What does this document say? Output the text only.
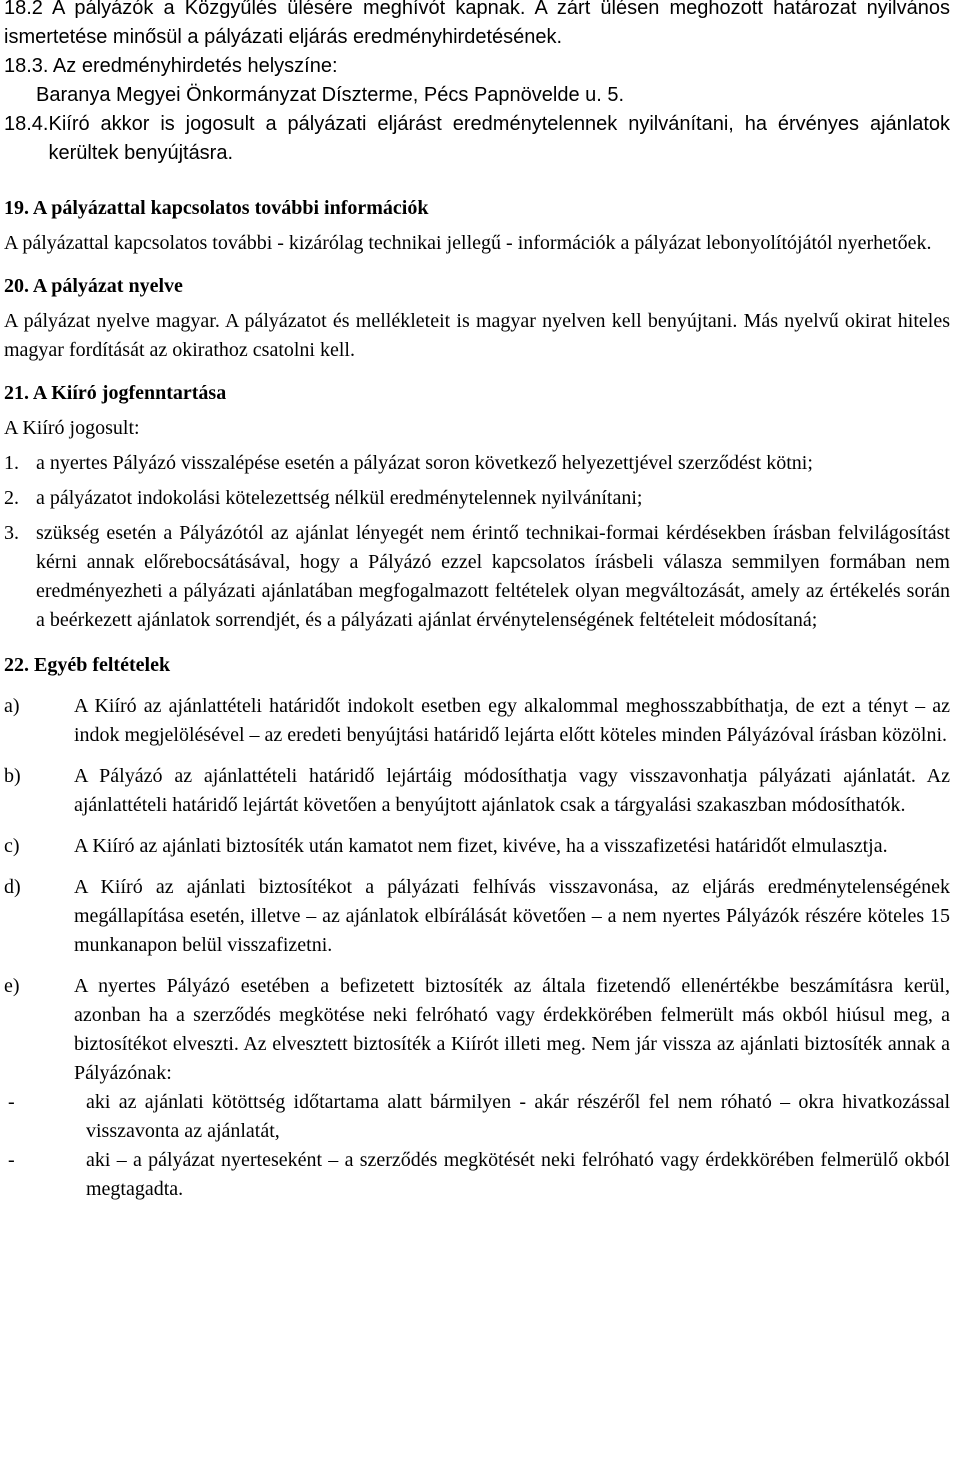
18.2 A pályázók a Közgyűlés ülésére meghívót kapnak. A zárt ülésen meghozott határozat nyilvános ismertetése minősül a pályázati eljárás eredményhirdetésének.

18.3. Az eredményhirdetés helyszíne:

Baranya Megyei Önkormányzat Díszterme, Pécs Papnövelde u. 5.

18.4. Kiíró akkor is jogosult a pályázati eljárást eredménytelennek nyilvánítani, ha érvényes ajánlatok kerültek benyújtásra.

19. A pályázattal kapcsolatos további információk

A pályázattal kapcsolatos további - kizárólag technikai jellegű - információk a pályázat lebonyolítójától nyerhetőek.

20. A pályázat nyelve

A pályázat nyelve magyar. A pályázatot és mellékleteit is magyar nyelven kell benyújtani. Más nyelvű okirat hiteles magyar fordítását az okirathoz csatolni kell.

21. A Kiíró jogfenntartása

A Kiíró jogosult:

1. a nyertes Pályázó visszalépése esetén a pályázat soron következő helyezettjével szerződést kötni;
2. a pályázatot indokolási kötelezettség nélkül eredménytelennek nyilvánítani;
3. szükség esetén a Pályázótól az ajánlat lényegét nem érintő technikai-formai kérdésekben írásban felvilágosítást kérni annak előrebocsátásával, hogy a Pályázó ezzel kapcsolatos írásbeli válasza semmilyen formában nem eredményezheti a pályázati ajánlatában megfogalmazott feltételek olyan megváltozását, amely az értékelés során a beérkezett ajánlatok sorrendjét, és a pályázati ajánlat érvénytelenségének feltételeit módosítaná;

22. Egyéb feltételek

a)	A Kiíró az ajánlattételi határidőt indokolt esetben egy alkalommal meghosszabbíthatja, de ezt a tényt – az indok megjelölésével – az eredeti benyújtási határidő lejárta előtt köteles minden Pályázóval írásban közölni.
b)	A Pályázó az ajánlattételi határidő lejártáig módosíthatja vagy visszavonhatja pályázati ajánlatát. Az ajánlattételi határidő lejártát követően a benyújtott ajánlatok csak a tárgyalási szakaszban módosíthatók.
c)	A Kiíró az ajánlati biztosíték után kamatot nem fizet, kivéve, ha a visszafizetési határidőt elmulasztja.
d)	A Kiíró az ajánlati biztosítékot a pályázati felhívás visszavonása, az eljárás eredménytelenségének megállapítása esetén, illetve – az ajánlatok elbírálását követően – a nem nyertes Pályázók részére köteles 15 munkanapon belül visszafizetni.
e)	A nyertes Pályázó esetében a befizetett biztosíték az általa fizetendő ellenértékbe beszámításra kerül, azonban ha a szerződés megkötése neki felróható vagy érdekkörében felmerült más okból hiúsul meg, a biztosítékot elveszti. Az elvesztett biztosíték a Kiírót illeti meg. Nem jár vissza az ajánlati biztosíték annak a Pályázónak:
-	aki az ajánlati kötöttség időtartama alatt bármilyen - akár részéről fel nem róható – okra hivatkozással visszavonta az ajánlatát,
-	aki – a pályázat nyerteseként – a szerződés megkötését neki felróható vagy érdekkörében felmerülő okból megtagadta.
